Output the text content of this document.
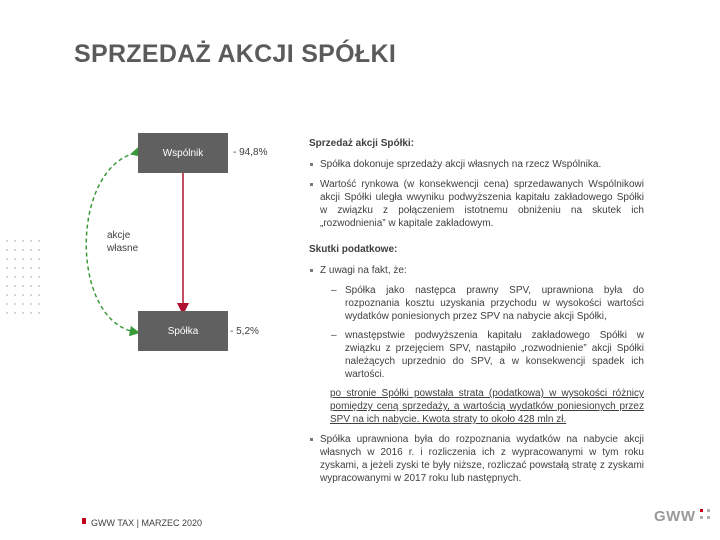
SPRZEDAŻ AKCJI SPÓŁKI
Wspólnik	- 94,8%
Spółka	- 5,2%
akcje
własne
Sprzedaż akcji Spółki:
Spółka dokonuje sprzedaży akcji własnych na rzecz Wspólnika.
Wartość rynkowa (w konsekwencji cena) sprzedawanych Wspólnikowi akcji Spółki uległa wwyniku podwyższenia kapitału zakładowego Spółki w związku z połączeniem istotnemu obniżeniu na skutek ich „rozwodnienia” w kapitale zakładowym.
Skutki podatkowe:
Z uwagi na fakt, że:
– Spółka jako następca prawny SPV, uprawniona była do rozpoznania kosztu uzyskania przychodu w wysokości wartości wydatków poniesionych przez SPV na nabycie akcji Spółki,
– wnastępstwie podwyższenia kapitału zakładowego Spółki w związku z przejęciem SPV, nastąpiło „rozwodnienie” akcji Spółki należących uprzednio do SPV, a w konsekwencji spadek ich wartości.
po stronie Spółki powstała strata (podatkowa) w wysokości różnicy pomiędzy ceną sprzedaży, a wartością wydatków poniesionych przez SPV na ich nabycie. Kwota straty to około 428 mln zł.
Spółka uprawniona była do rozpoznania wydatków na nabycie akcji własnych w 2016 r. i rozliczenia ich z wypracowanymi w tym roku zyskami, a jeżeli zyski te były niższe, rozliczać powstałą stratę z zyskami wypracowanymi w 2017 roku lub następnych.
GWW TAX | MARZEC 2020	GWW
